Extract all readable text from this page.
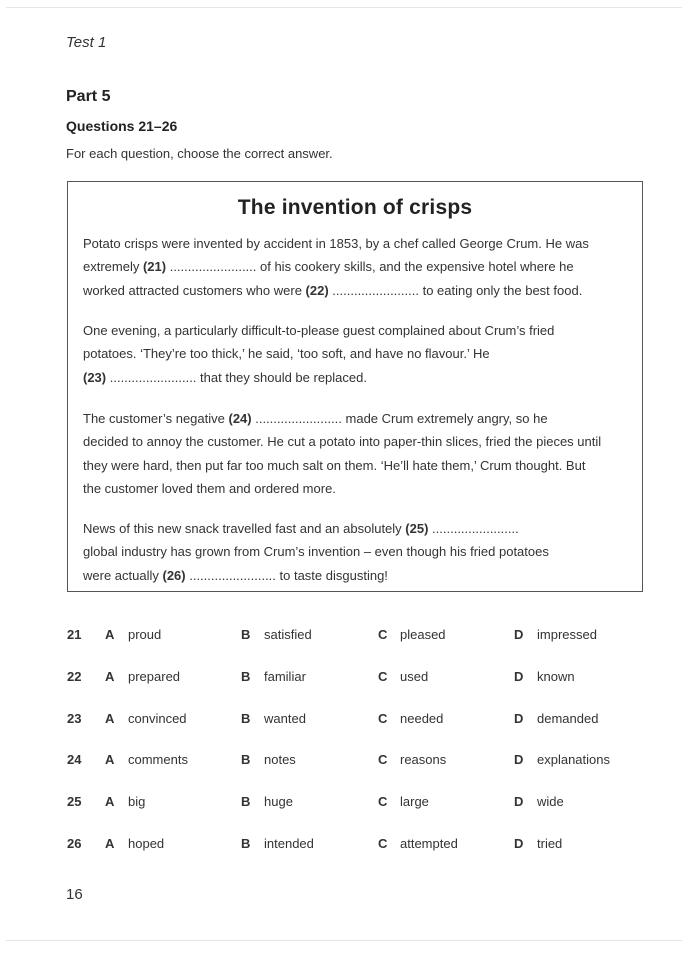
Test 1
Part 5
Questions 21–26
For each question, choose the correct answer.
The invention of crisps
Potato crisps were invented by accident in 1853, by a chef called George Crum. He was
extremely (21) ........................ of his cookery skills, and the expensive hotel where he
worked attracted customers who were (22) ........................ to eating only the best food.
One evening, a particularly difficult-to-please guest complained about Crum’s fried
potatoes. ‘They’re too thick,’ he said, ‘too soft, and have no flavour.’ He
(23) ........................ that they should be replaced.
The customer’s negative (24) ........................ made Crum extremely angry, so he
decided to annoy the customer. He cut a potato into paper-thin slices, fried the pieces until
they were hard, then put far too much salt on them. ‘He’ll hate them,’ Crum thought. But
the customer loved them and ordered more.
News of this new snack travelled fast and an absolutely (25) ........................
global industry has grown from Crum’s invention – even though his fried potatoes
were actually (26) ........................ to taste disgusting!
21 A proud	B satisfied	C pleased	D impressed
22 A prepared	B familiar	C used	D known
23 A convinced	B wanted	C needed	D demanded
24 A comments	B notes	C reasons	D explanations
25 A big	B huge	C large	D wide
26 A hoped	B intended	C attempted	D tried
16
